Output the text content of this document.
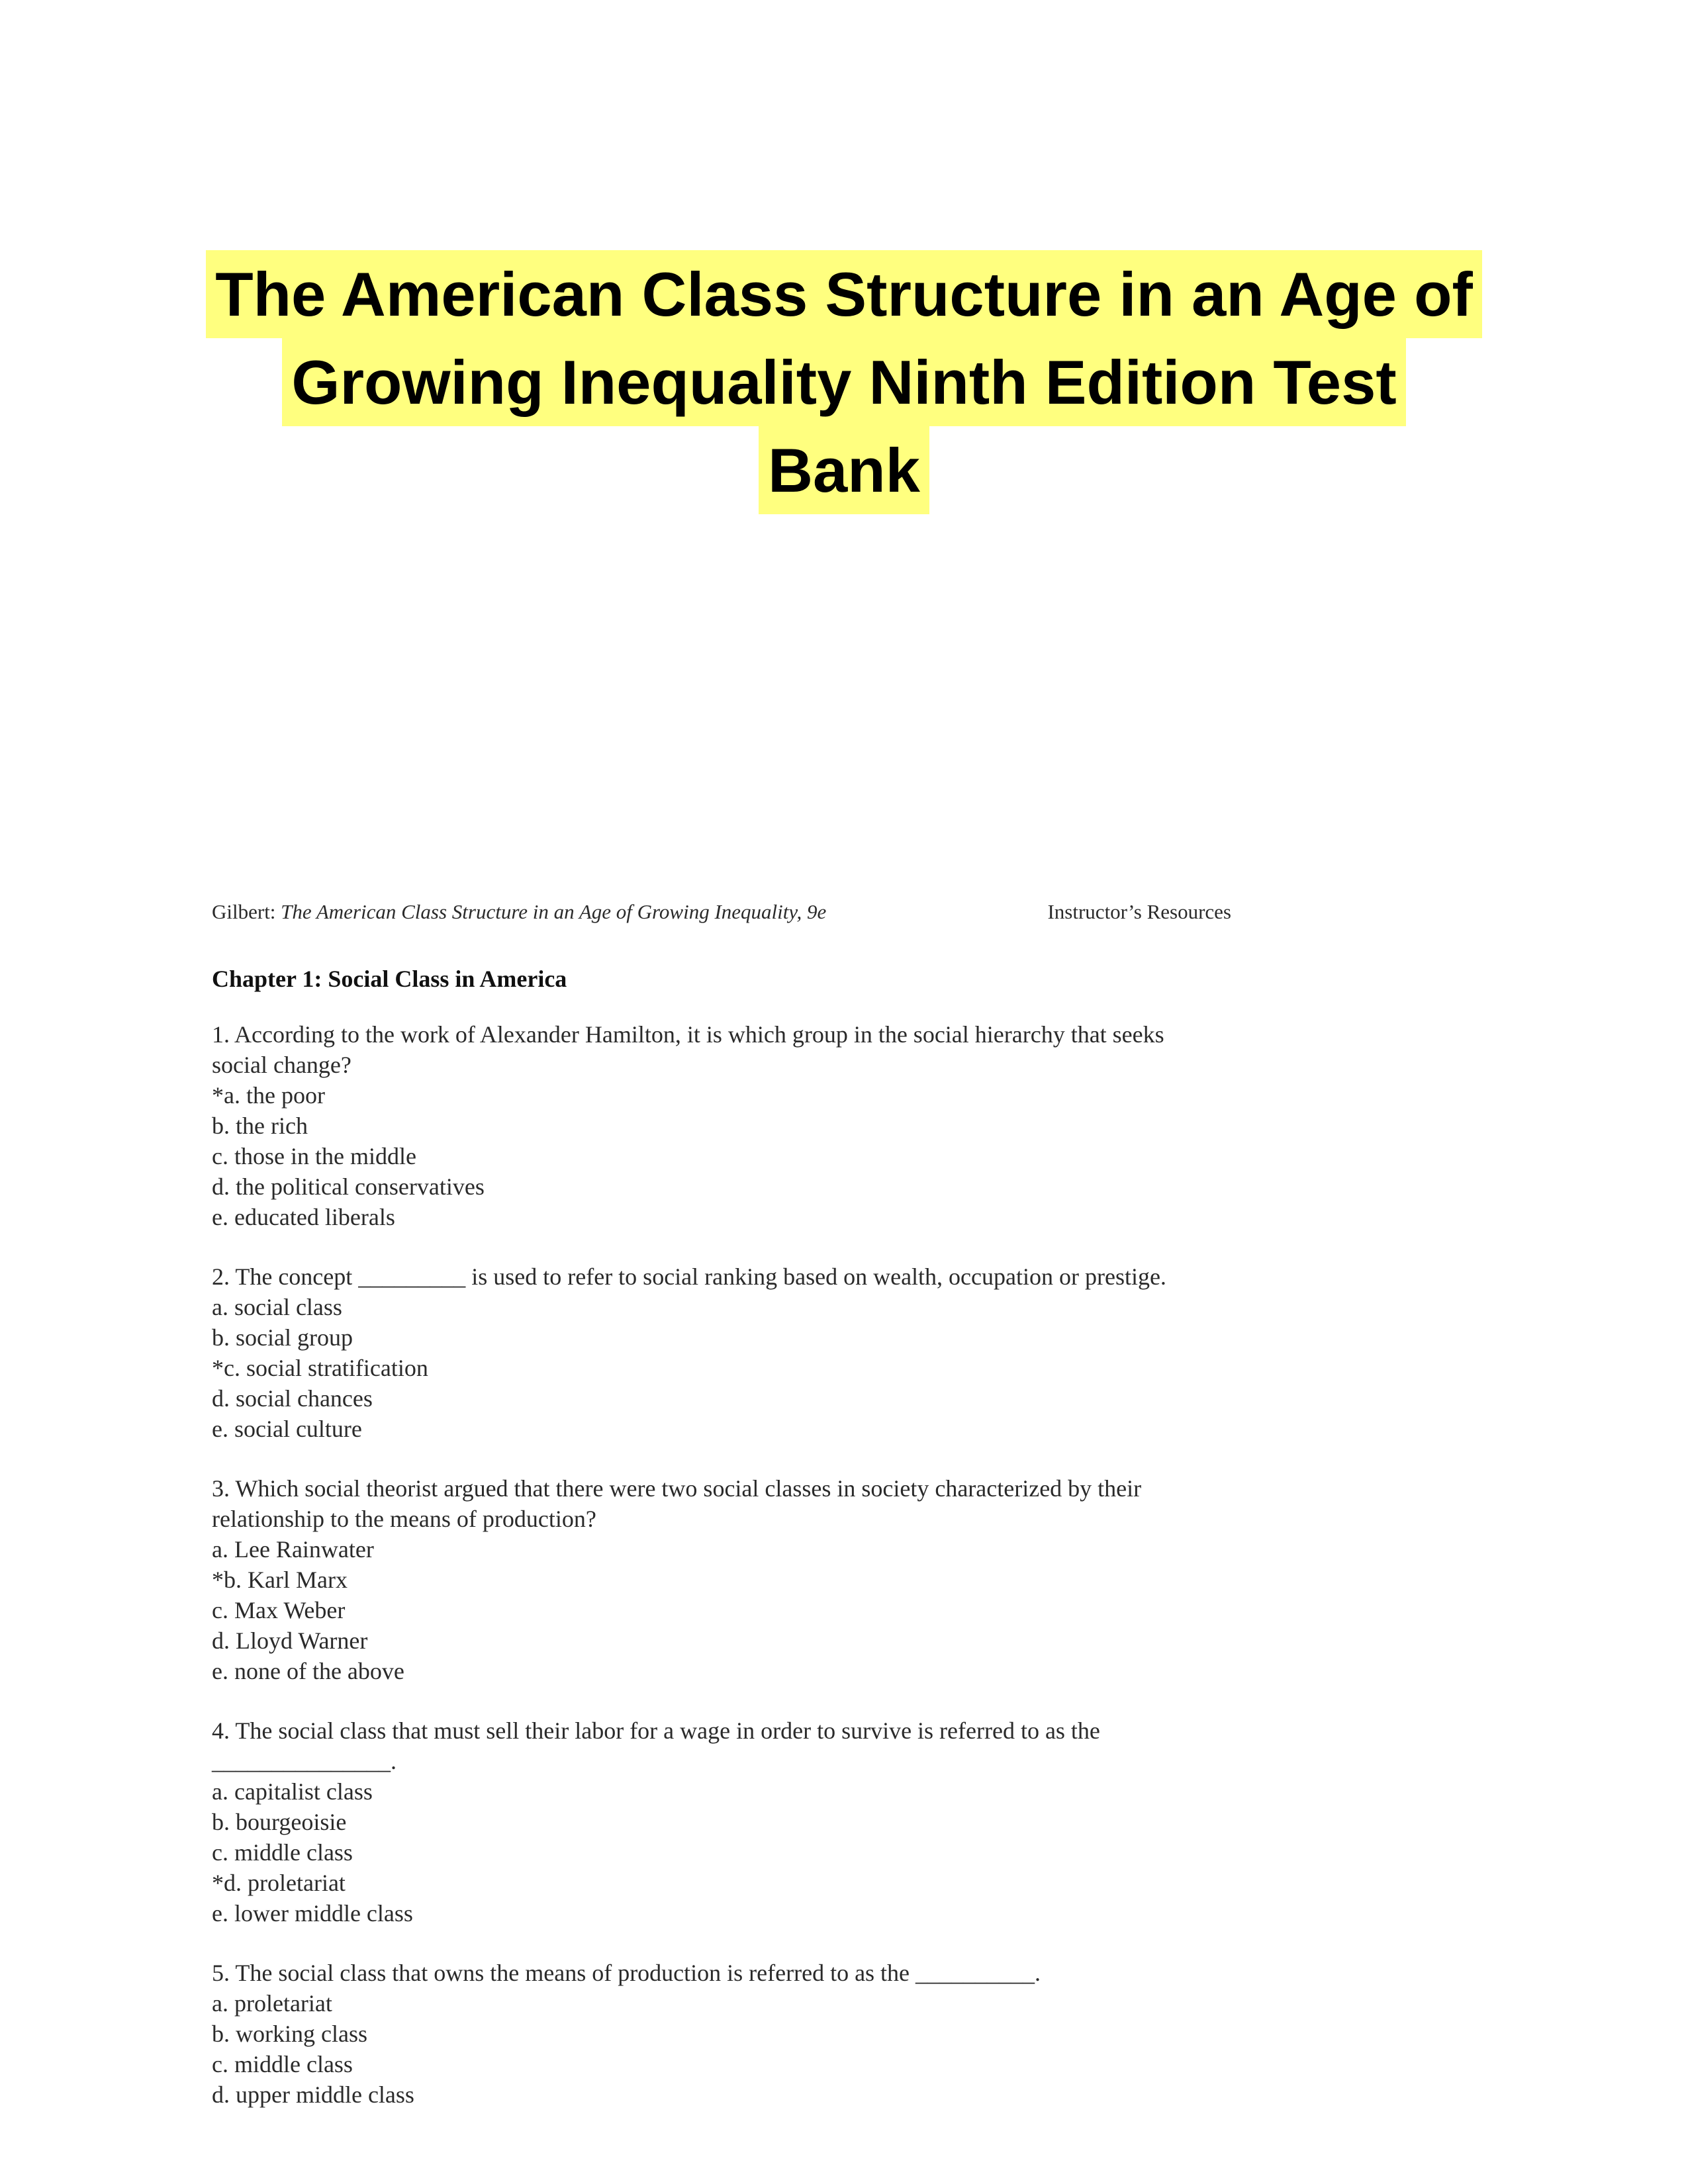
The American Class Structure in an Age of
Growing Inequality Ninth Edition Test
Bank
Gilbert: The American Class Structure in an Age of Growing Inequality, 9e	Instructor’s Resources
Chapter 1: Social Class in America
1. According to the work of Alexander Hamilton, it is which group in the social hierarchy that seeks social change?
*a. the poor
b. the rich
c. those in the middle
d. the political conservatives
e. educated liberals
2. The concept _________ is used to refer to social ranking based on wealth, occupation or prestige.
a. social class
b. social group
*c. social stratification
d. social chances
e. social culture
3. Which social theorist argued that there were two social classes in society characterized by their relationship to the means of production?
a. Lee Rainwater
*b. Karl Marx
c. Max Weber
d. Lloyd Warner
e. none of the above
4. The social class that must sell their labor for a wage in order to survive is referred to as the _______________.
a. capitalist class
b. bourgeoisie
c. middle class
*d. proletariat
e. lower middle class
5. The social class that owns the means of production is referred to as the __________.
a. proletariat
b. working class
c. middle class
d. upper middle class
